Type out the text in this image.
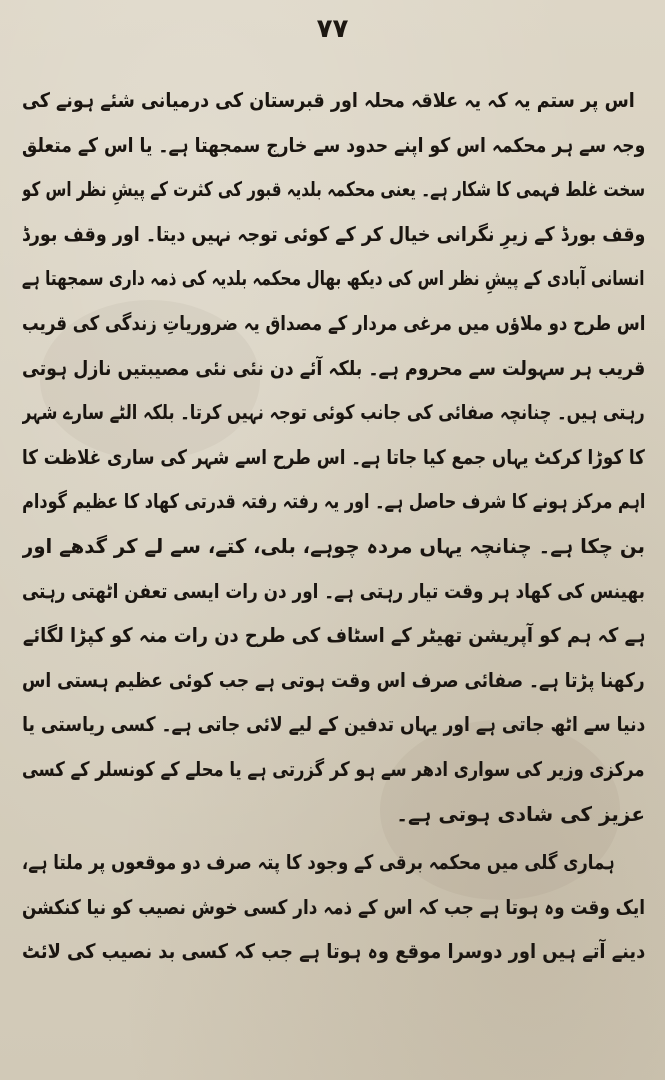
۷۷
اس پر ستم یہ کہ یہ علاقہ محلہ اور قبرستان کی درمیانی شئے ہونے کی
وجہ سے ہر محکمہ اس کو اپنے حدود سے خارج سمجھتا ہے۔ یا اس کے متعلق
سخت غلط فہمی کا شکار ہے۔ یعنی محکمہ بلدیہ قبور کی کثرت کے پیشِ نظر اس کو
وقف بورڈ کے زیرِ نگرانی خیال کر کے کوئی توجہ نہیں دیتا۔ اور وقف بورڈ
انسانی آبادی کے پیشِ نظر اس کی دیکھ بھال محکمہ بلدیہ کی ذمہ داری سمجھتا ہے
اس طرح دو ملاؤں میں مرغی مردار کے مصداق یہ ضروریاتِ زندگی کی قریب
قریب ہر سہولت سے محروم ہے۔ بلکہ آئے دن نئی نئی مصیبتیں نازل ہوتی
رہتی ہیں۔ چنانچہ صفائی کی جانب کوئی توجہ نہیں کرتا۔ بلکہ الٹے سارے شہر
کا کوڑا کرکٹ یہاں جمع کیا جاتا ہے۔ اس طرح اسے شہر کی ساری غلاظت کا
اہم مرکز ہونے کا شرف حاصل ہے۔ اور یہ رفتہ رفتہ قدرتی کھاد کا عظیم گودام
بن چکا ہے۔ چنانچہ یہاں مردہ چوہے، بلی، کتے، سے لے کر گدھے اور
بھینس کی کھاد ہر وقت تیار رہتی ہے۔ اور دن رات ایسی تعفن اٹھتی رہتی
ہے کہ ہم کو آپریشن تھیٹر کے اسٹاف کی طرح دن رات منہ کو کپڑا لگائے
رکھنا پڑتا ہے۔ صفائی صرف اس وقت ہوتی ہے جب کوئی عظیم ہستی اس
دنیا سے اٹھ جاتی ہے اور یہاں تدفین کے لیے لائی جاتی ہے۔ کسی ریاستی یا
مرکزی وزیر کی سواری ادھر سے ہو کر گزرتی ہے یا محلے کے کونسلر کے کسی
عزیز کی شادی ہوتی ہے۔
ہماری گلی میں محکمہ برقی کے وجود کا پتہ صرف دو موقعوں پر ملتا ہے،
ایک وقت وہ ہوتا ہے جب کہ اس کے ذمہ دار کسی خوش نصیب کو نیا کنکشن
دینے آتے ہیں اور دوسرا موقع وہ ہوتا ہے جب کہ کسی بد نصیب کی لائٹ
